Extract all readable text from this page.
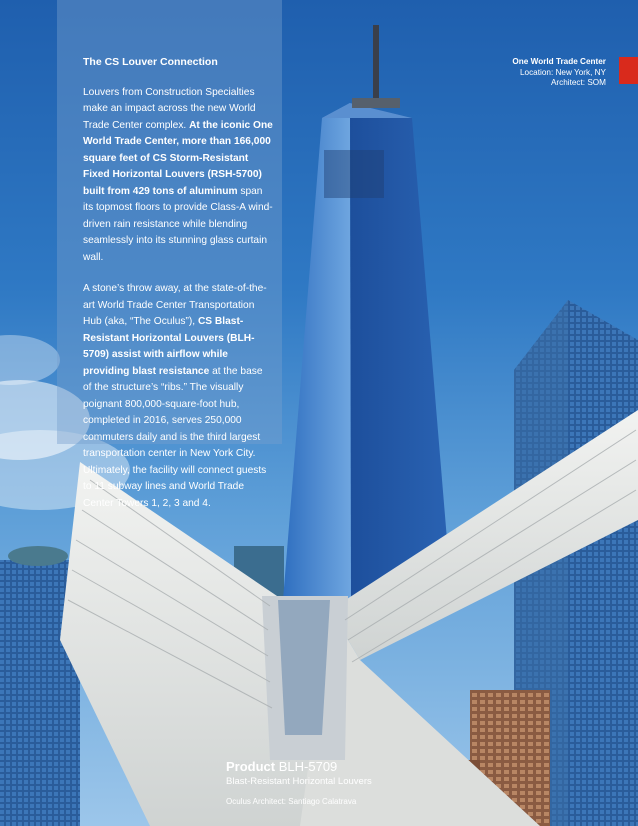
The CS Louver Connection

Louvers from Construction Specialties make an impact across the new World Trade Center complex. At the iconic One World Trade Center, more than 166,000 square feet of CS Storm-Resistant Fixed Horizontal Louvers (RSH-5700) built from 429 tons of aluminum span its topmost floors to provide Class-A wind-driven rain resistance while blending seamlessly into its stunning glass curtain wall.

A stone’s throw away, at the state-of-the-art World Trade Center Transportation Hub (aka, “The Oculus”), CS Blast-Resistant Horizontal Louvers (BLH-5709) assist with airflow while providing blast resistance at the base of the structure’s “ribs.” The visually poignant 800,000-square-foot hub, completed in 2016, serves 250,000 commuters daily and is the third largest transportation center in New York City. Ultimately, the facility will connect guests to 11 subway lines and World Trade Center Towers 1, 2, 3 and 4.

One World Trade Center
Location: New York, NY
Architect: SOM
Product BLH-5709
Blast-Resistant Horizontal Louvers
Oculus Architect: Santiago Calatrava
